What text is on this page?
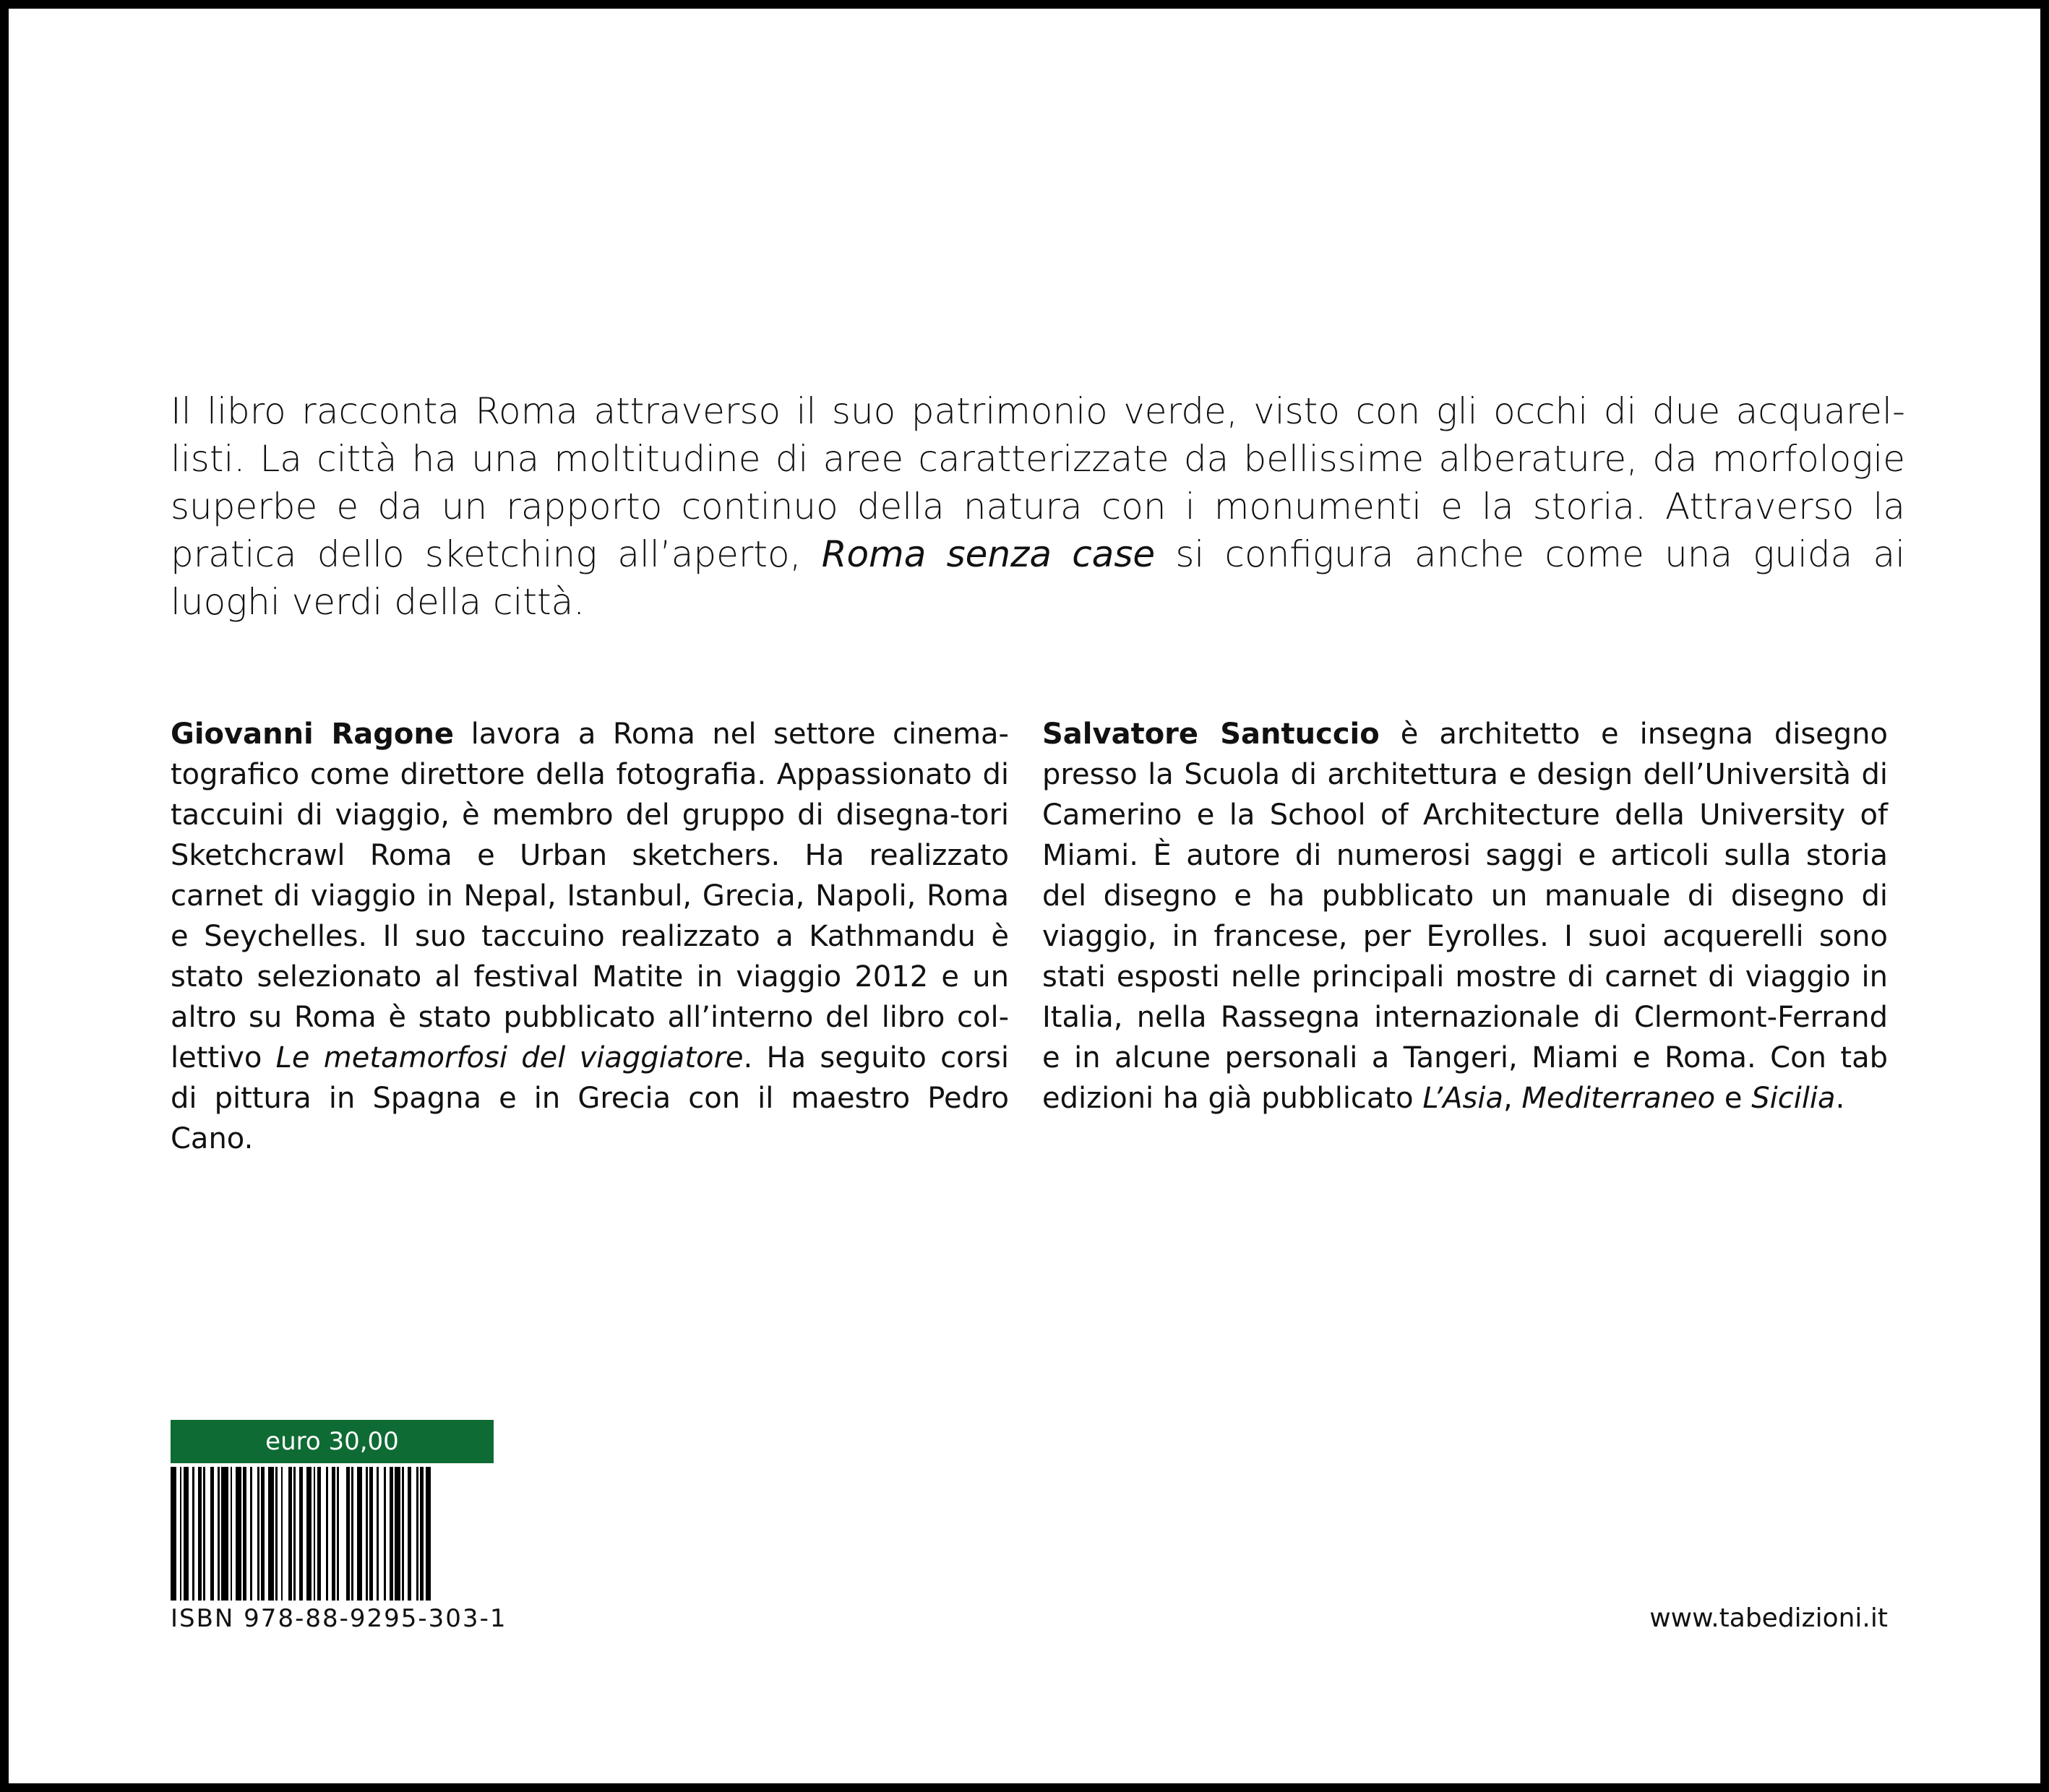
Il libro racconta Roma attraverso il suo patrimonio verde, visto con gli occhi di due acquarel-listi. La città ha una moltitudine di aree caratterizzate da bellissime alberature, da morfologie superbe e da un rapporto continuo della natura con i monumenti e la storia. Attraverso la pratica dello sketching all’aperto, Roma senza case si configura anche come una guida ai luoghi verdi della città.

Giovanni Ragone lavora a Roma nel settore cinema-tografico come direttore della fotografia. Appassionato di taccuini di viaggio, è membro del gruppo di disegna-tori Sketchcrawl Roma e Urban sketchers. Ha realizzato carnet di viaggio in Nepal, Istanbul, Grecia, Napoli, Roma e Seychelles. Il suo taccuino realizzato a Kathmandu è stato selezionato al festival Matite in viaggio 2012 e un altro su Roma è stato pubblicato all’interno del libro col-lettivo Le metamorfosi del viaggiatore. Ha seguito corsi di pittura in Spagna e in Grecia con il maestro Pedro Cano.

Salvatore Santuccio è architetto e insegna disegno presso la Scuola di architettura e design dell’Università di Camerino e la School of Architecture della University of Miami. È autore di numerosi saggi e articoli sulla storia del disegno e ha pubblicato un manuale di disegno di viaggio, in francese, per Eyrolles. I suoi acquerelli sono stati esposti nelle principali mostre di carnet di viaggio in Italia, nella Rassegna internazionale di Clermont-Ferrand e in alcune personali a Tangeri, Miami e Roma. Con tab edizioni ha già pubblicato L’Asia, Mediterraneo e Sicilia.

euro 30,00
ISBN 978-88-9295-303-1	www.tabedizioni.it
